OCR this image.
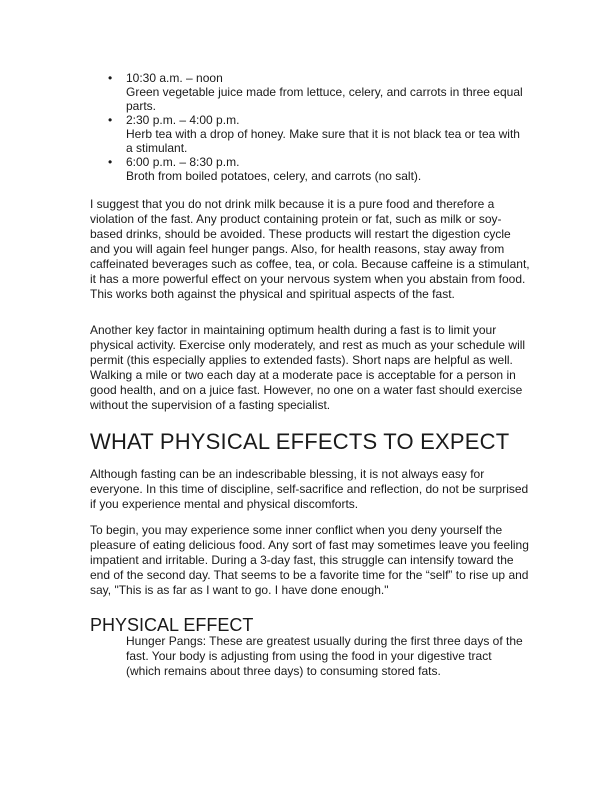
• 10:30 a.m. – noon
Green vegetable juice made from lettuce, celery, and carrots in three equal parts.
• 2:30 p.m. – 4:00 p.m.
Herb tea with a drop of honey. Make sure that it is not black tea or tea with a stimulant.
• 6:00 p.m. – 8:30 p.m.
Broth from boiled potatoes, celery, and carrots (no salt).

I suggest that you do not drink milk because it is a pure food and therefore a violation of the fast. Any product containing protein or fat, such as milk or soy-based drinks, should be avoided. These products will restart the digestion cycle and you will again feel hunger pangs. Also, for health reasons, stay away from caffeinated beverages such as coffee, tea, or cola. Because caffeine is a stimulant, it has a more powerful effect on your nervous system when you abstain from food. This works both against the physical and spiritual aspects of the fast.

Another key factor in maintaining optimum health during a fast is to limit your physical activity. Exercise only moderately, and rest as much as your schedule will permit (this especially applies to extended fasts). Short naps are helpful as well. Walking a mile or two each day at a moderate pace is acceptable for a person in good health, and on a juice fast. However, no one on a water fast should exercise without the supervision of a fasting specialist.

WHAT PHYSICAL EFFECTS TO EXPECT

Although fasting can be an indescribable blessing, it is not always easy for everyone. In this time of discipline, self-sacrifice and reflection, do not be surprised if you experience mental and physical discomforts.

To begin, you may experience some inner conflict when you deny yourself the pleasure of eating delicious food. Any sort of fast may sometimes leave you feeling impatient and irritable. During a 3-day fast, this struggle can intensify toward the end of the second day. That seems to be a favorite time for the “self” to rise up and say, "This is as far as I want to go. I have done enough."

PHYSICAL EFFECT

Hunger Pangs: These are greatest usually during the first three days of the fast. Your body is adjusting from using the food in your digestive tract (which remains about three days) to consuming stored fats.
